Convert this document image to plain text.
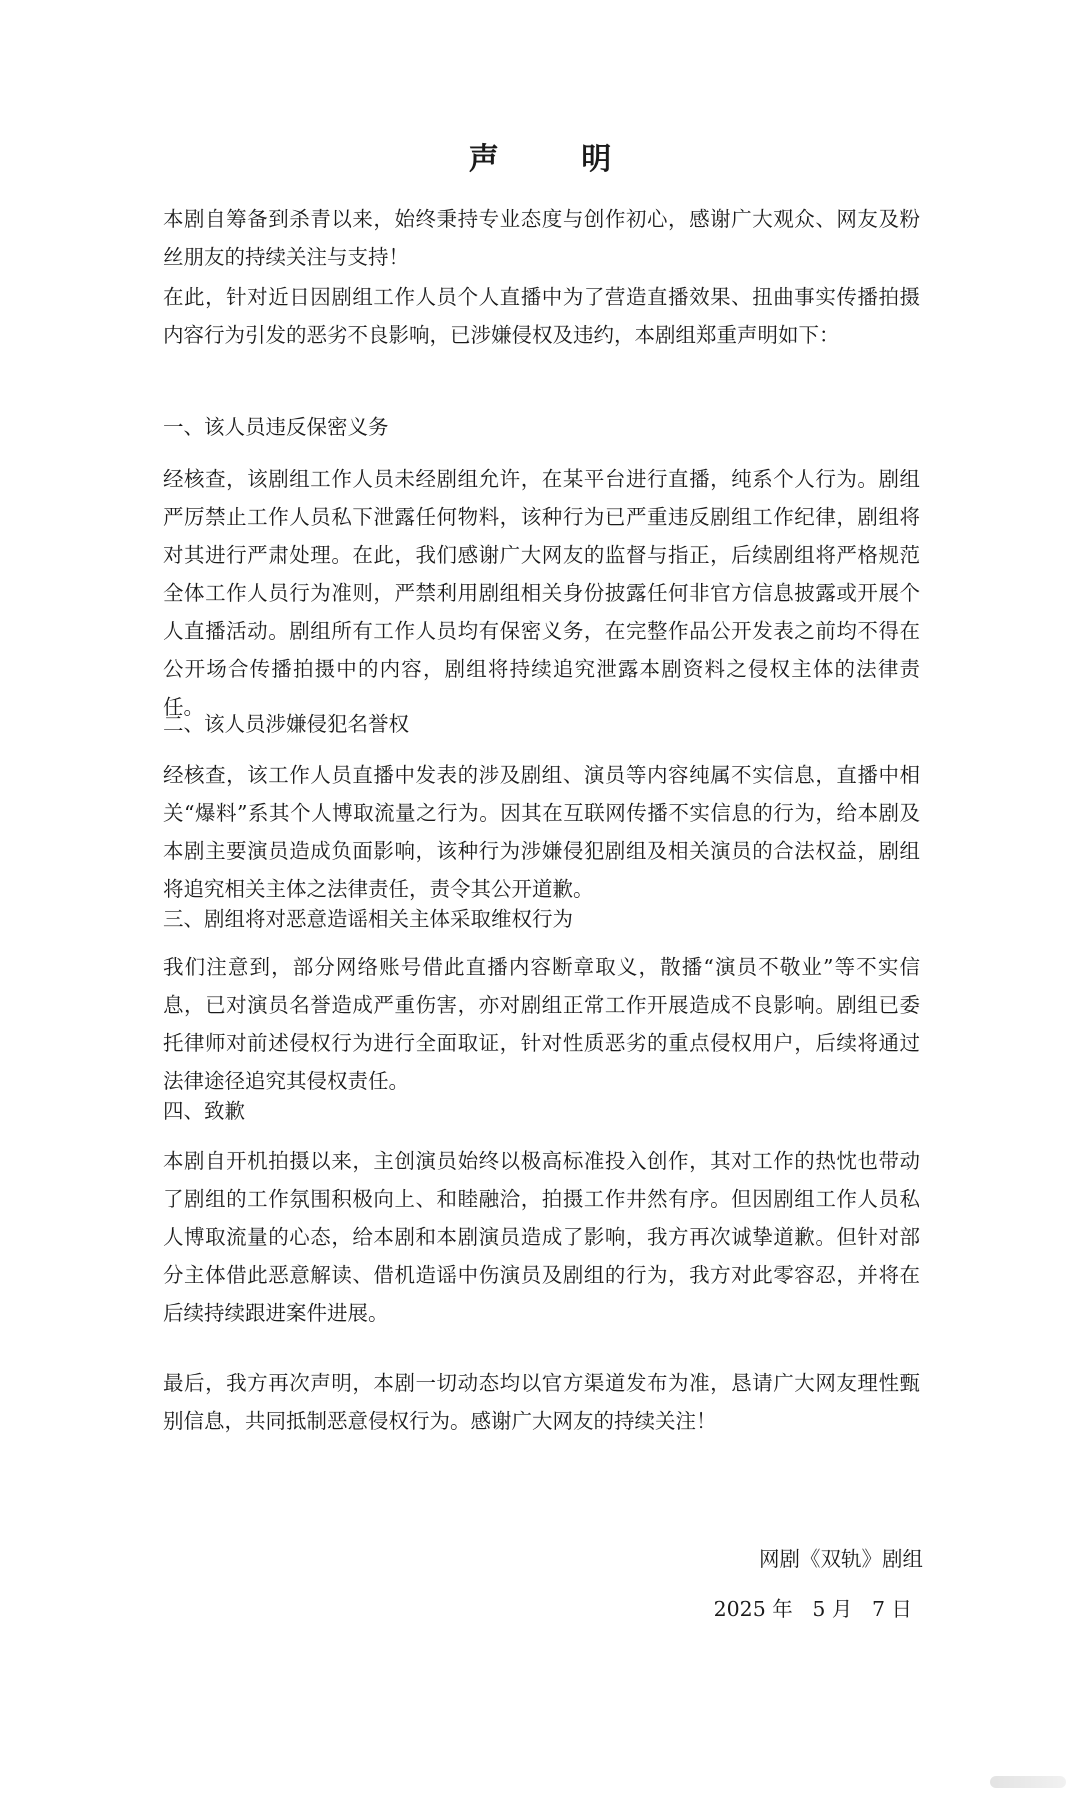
声 明

本剧自筹备到杀青以来，始终秉持专业态度与创作初心，感谢广大观众、网友及粉丝朋友的持续关注与支持！

在此，针对近日因剧组工作人员个人直播中为了营造直播效果、扭曲事实传播拍摄内容行为引发的恶劣不良影响，已涉嫌侵权及违约，本剧组郑重声明如下：

一、该人员违反保密义务

经核查，该剧组工作人员未经剧组允许，在某平台进行直播，纯系个人行为。剧组严厉禁止工作人员私下泄露任何物料，该种行为已严重违反剧组工作纪律，剧组将对其进行严肃处理。在此，我们感谢广大网友的监督与指正，后续剧组将严格规范全体工作人员行为准则，严禁利用剧组相关身份披露任何非官方信息披露或开展个人直播活动。剧组所有工作人员均有保密义务，在完整作品公开发表之前均不得在公开场合传播拍摄中的内容，剧组将持续追究泄露本剧资料之侵权主体的法律责任。

二、该人员涉嫌侵犯名誉权

经核查，该工作人员直播中发表的涉及剧组、演员等内容纯属不实信息，直播中相关“爆料”系其个人博取流量之行为。因其在互联网传播不实信息的行为，给本剧及本剧主要演员造成负面影响，该种行为涉嫌侵犯剧组及相关演员的合法权益，剧组将追究相关主体之法律责任，责令其公开道歉。

三、剧组将对恶意造谣相关主体采取维权行为

我们注意到，部分网络账号借此直播内容断章取义，散播“演员不敬业”等不实信息，已对演员名誉造成严重伤害，亦对剧组正常工作开展造成不良影响。剧组已委托律师对前述侵权行为进行全面取证，针对性质恶劣的重点侵权用户，后续将通过法律途径追究其侵权责任。

四、致歉

本剧自开机拍摄以来，主创演员始终以极高标准投入创作，其对工作的热忱也带动了剧组的工作氛围积极向上、和睦融洽，拍摄工作井然有序。但因剧组工作人员私人博取流量的心态，给本剧和本剧演员造成了影响，我方再次诚挚道歉。但针对部分主体借此恶意解读、借机造谣中伤演员及剧组的行为，我方对此零容忍，并将在后续持续跟进案件进展。

最后，我方再次声明，本剧一切动态均以官方渠道发布为准，恳请广大网友理性甄别信息，共同抵制恶意侵权行为。感谢广大网友的持续关注！

网剧《双轨》剧组
2025 年   5 月   7 日
